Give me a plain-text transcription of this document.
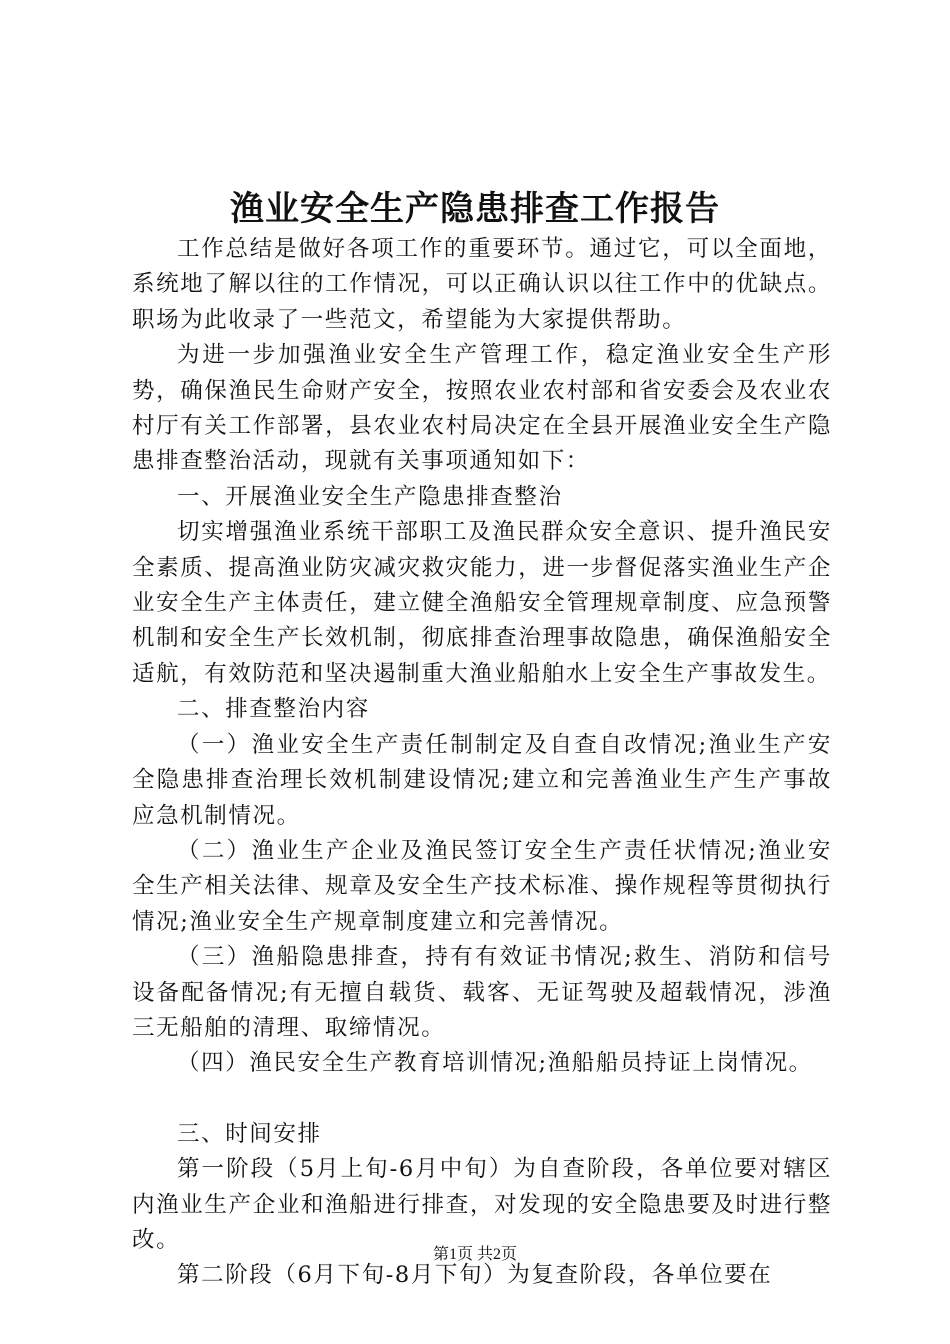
渔业安全生产隐患排查工作报告

工作总结是做好各项工作的重要环节。通过它，可以全面地，系统地了解以往的工作情况，可以正确认识以往工作中的优缺点。职场为此收录了一些范文，希望能为大家提供帮助。

为进一步加强渔业安全生产管理工作，稳定渔业安全生产形势，确保渔民生命财产安全，按照农业农村部和省安委会及农业农村厅有关工作部署，县农业农村局决定在全县开展渔业安全生产隐患排查整治活动，现就有关事项通知如下：

一、开展渔业安全生产隐患排查整治

切实增强渔业系统干部职工及渔民群众安全意识、提升渔民安全素质、提高渔业防灾减灾救灾能力，进一步督促落实渔业生产企业安全生产主体责任，建立健全渔船安全管理规章制度、应急预警机制和安全生产长效机制，彻底排查治理事故隐患，确保渔船安全适航，有效防范和坚决遏制重大渔业船舶水上安全生产事故发生。

二、排查整治内容

（一）渔业安全生产责任制制定及自查自改情况;渔业生产安全隐患排查治理长效机制建设情况;建立和完善渔业生产生产事故应急机制情况。

（二）渔业生产企业及渔民签订安全生产责任状情况;渔业安全生产相关法律、规章及安全生产技术标准、操作规程等贯彻执行情况;渔业安全生产规章制度建立和完善情况。

（三）渔船隐患排查，持有有效证书情况;救生、消防和信号设备配备情况;有无擅自载货、载客、无证驾驶及超载情况，涉渔三无船舶的清理、取缔情况。

（四）渔民安全生产教育培训情况;渔船船员持证上岗情况。

三、时间安排

第一阶段（5月上旬-6月中旬）为自查阶段，各单位要对辖区内渔业生产企业和渔船进行排查，对发现的安全隐患要及时进行整改。

第二阶段（6月下旬-8月下旬）为复查阶段，各单位要在

第1页 共2页
